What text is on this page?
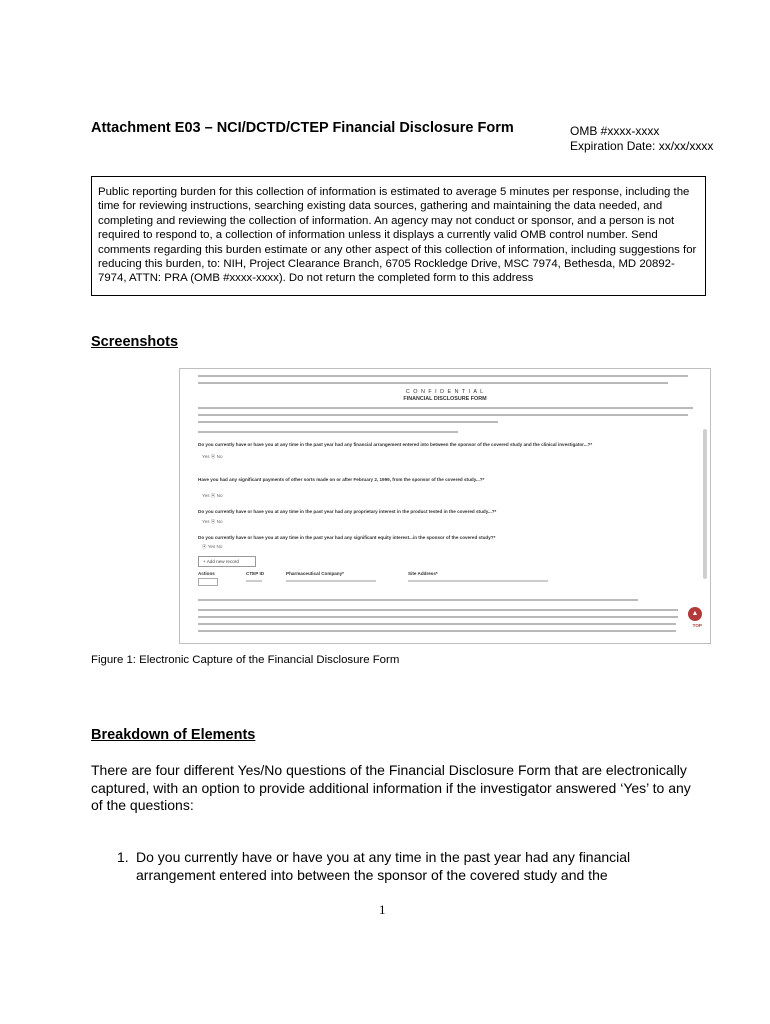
Attachment E03 – NCI/DCTD/CTEP Financial Disclosure Form	OMB #xxxx-xxxx
Expiration Date: xx/xx/xxxx
Public reporting burden for this collection of information is estimated to average 5 minutes per response, including the time for reviewing instructions, searching existing data sources, gathering and maintaining the data needed, and completing and reviewing the collection of information. An agency may not conduct or sponsor, and a person is not required to respond to, a collection of information unless it displays a currently valid OMB control number. Send comments regarding this burden estimate or any other aspect of this collection of information, including suggestions for reducing this burden, to: NIH, Project Clearance Branch, 6705 Rockledge Drive, MSC 7974, Bethesda, MD 20892-7974, ATTN: PRA (OMB #xxxx-xxxx). Do not return the completed form to this address
Screenshots
C O N F I D E N T I A L
FINANCIAL DISCLOSURE FORM
Do you currently have or have you at any time in the past year had any financial arrangement entered into between the sponsor of the covered study and the clinical investigator...?*
Yes ⦿ No
Have you had any significant payments of other sorts made on or after February 2, 1999, from the sponsor of the covered study...?*
Yes ⦿ No
Do you currently have or have you at any time in the past year had any proprietary interest in the product tested in the covered study...?*
Yes ⦿ No
Do you currently have or have you at any time in the past year had any significant equity interest...in the sponsor of the covered study?*
⦿ Yes No
+ Add new record
Actions	CTEP ID	Pharmaceutical Company*	Site Address*
▲
TOP
Figure 1: Electronic Capture of the Financial Disclosure Form
Breakdown of Elements
There are four different Yes/No questions of the Financial Disclosure Form that are electronically captured, with an option to provide additional information if the investigator answered ‘Yes’ to any of the questions:
1. Do you currently have or have you at any time in the past year had any financial arrangement entered into between the sponsor of the covered study and the
1
